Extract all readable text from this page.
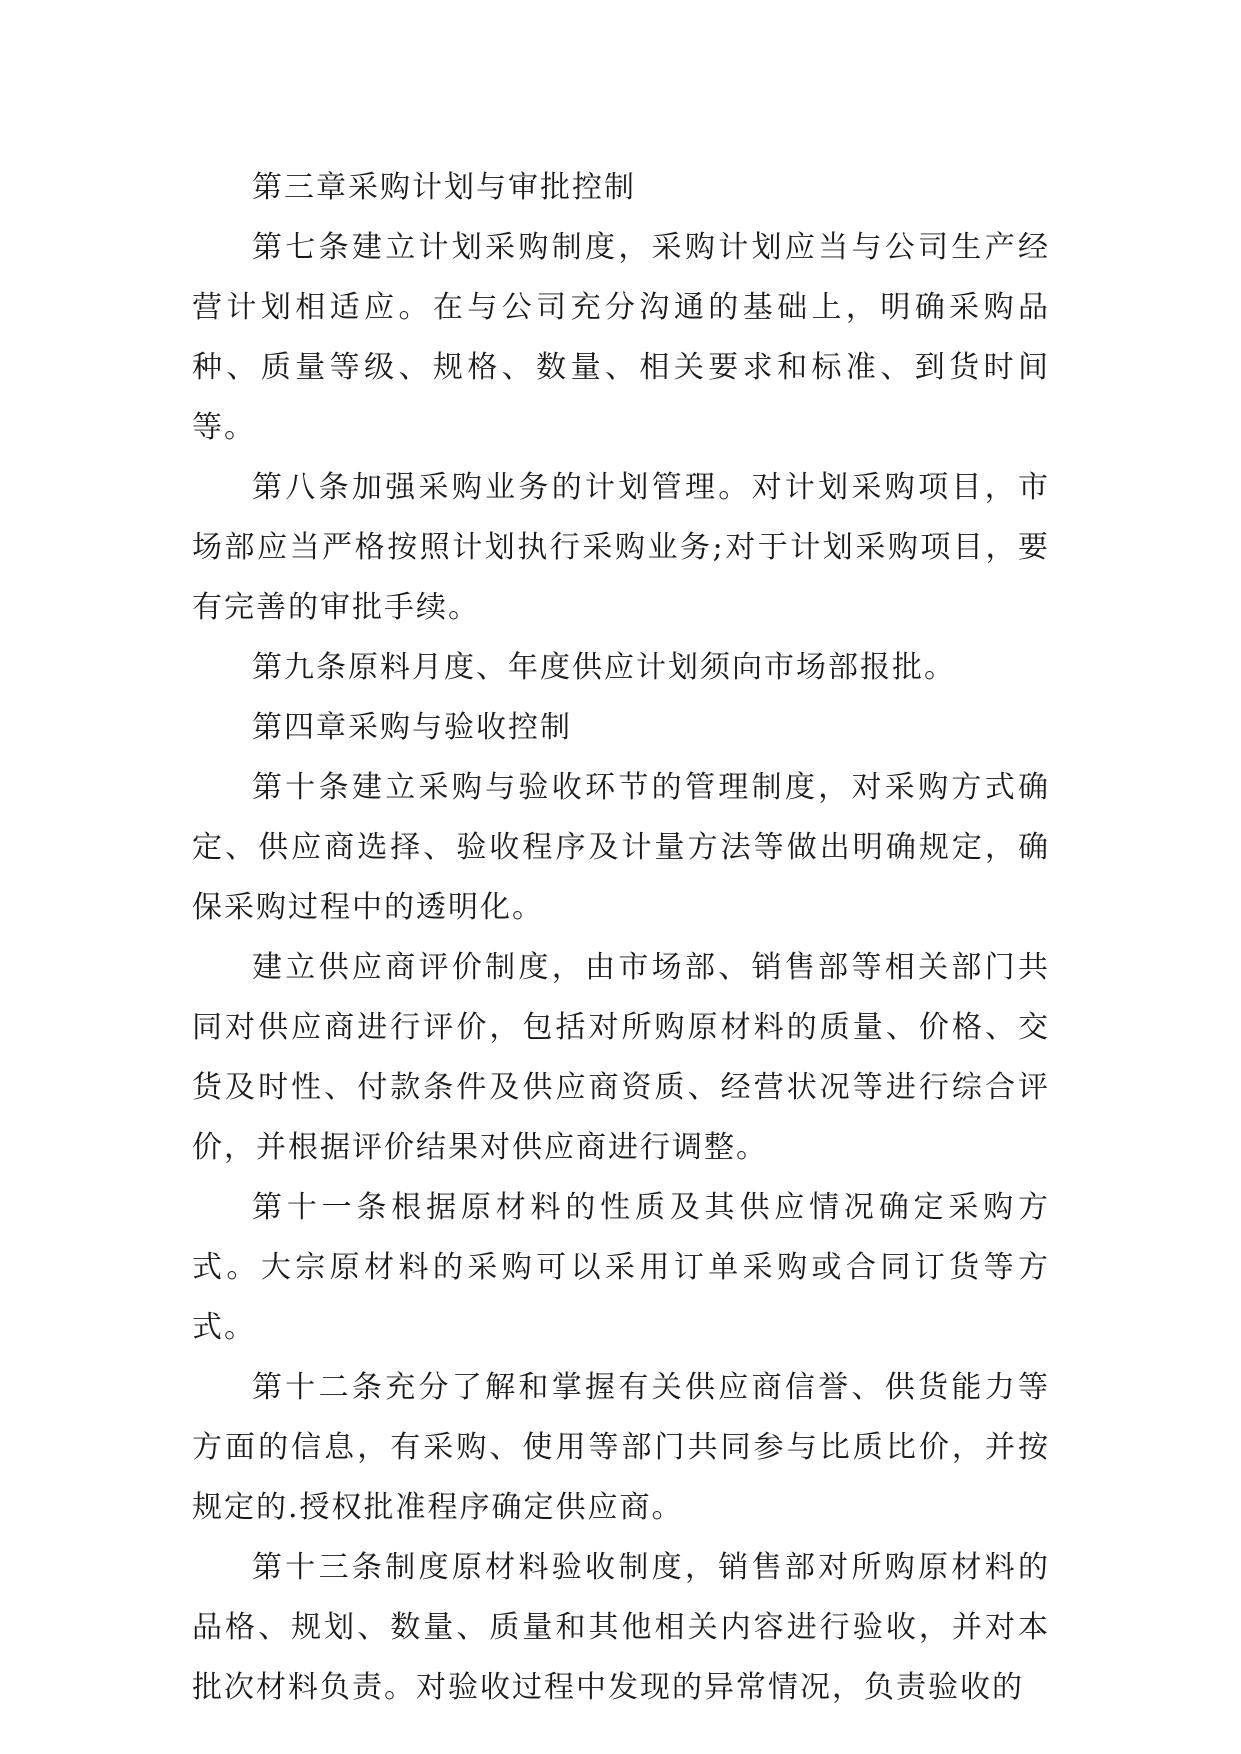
第三章采购计划与审批控制

第七条建立计划采购制度，采购计划应当与公司生产经营计划相适应。在与公司充分沟通的基础上，明确采购品种、质量等级、规格、数量、相关要求和标准、到货时间等。

第八条加强采购业务的计划管理。对计划采购项目，市场部应当严格按照计划执行采购业务;对于计划采购项目，要有完善的审批手续。

第九条原料月度、年度供应计划须向市场部报批。

第四章采购与验收控制

第十条建立采购与验收环节的管理制度，对采购方式确定、供应商选择、验收程序及计量方法等做出明确规定，确保采购过程中的透明化。

建立供应商评价制度，由市场部、销售部等相关部门共同对供应商进行评价，包括对所购原材料的质量、价格、交货及时性、付款条件及供应商资质、经营状况等进行综合评价，并根据评价结果对供应商进行调整。

第十一条根据原材料的性质及其供应情况确定采购方式。大宗原材料的采购可以采用订单采购或合同订货等方式。

第十二条充分了解和掌握有关供应商信誉、供货能力等方面的信息，有采购、使用等部门共同参与比质比价，并按规定的.授权批准程序确定供应商。

第十三条制度原材料验收制度，销售部对所购原材料的品格、规划、数量、质量和其他相关内容进行验收，并对本批次材料负责。对验收过程中发现的异常情况，负责验收的
